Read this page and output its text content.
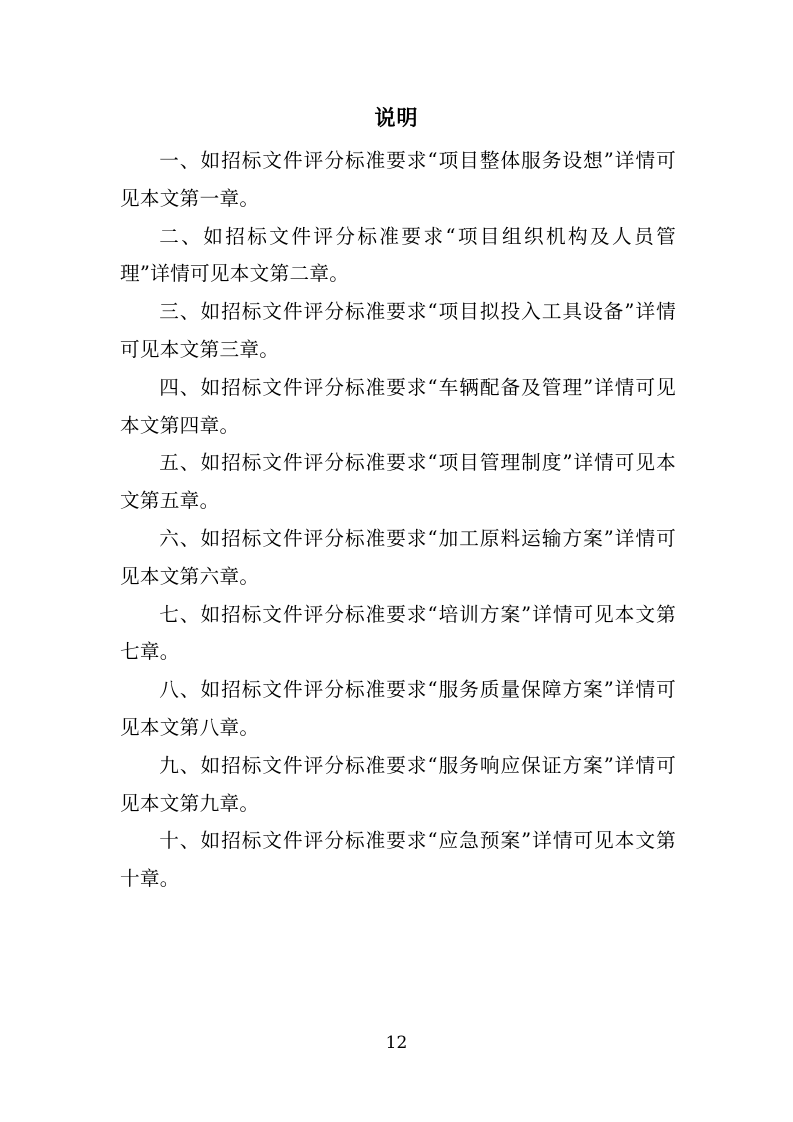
说明

一、如招标文件评分标准要求“项目整体服务设想”详情可见本文第一章。

二、如招标文件评分标准要求“项目组织机构及人员管理”详情可见本文第二章。

三、如招标文件评分标准要求“项目拟投入工具设备”详情可见本文第三章。

四、如招标文件评分标准要求“车辆配备及管理”详情可见本文第四章。

五、如招标文件评分标准要求“项目管理制度”详情可见本文第五章。

六、如招标文件评分标准要求“加工原料运输方案”详情可见本文第六章。

七、如招标文件评分标准要求“培训方案”详情可见本文第七章。

八、如招标文件评分标准要求“服务质量保障方案”详情可见本文第八章。

九、如招标文件评分标准要求“服务响应保证方案”详情可见本文第九章。

十、如招标文件评分标准要求“应急预案”详情可见本文第十章。

12
